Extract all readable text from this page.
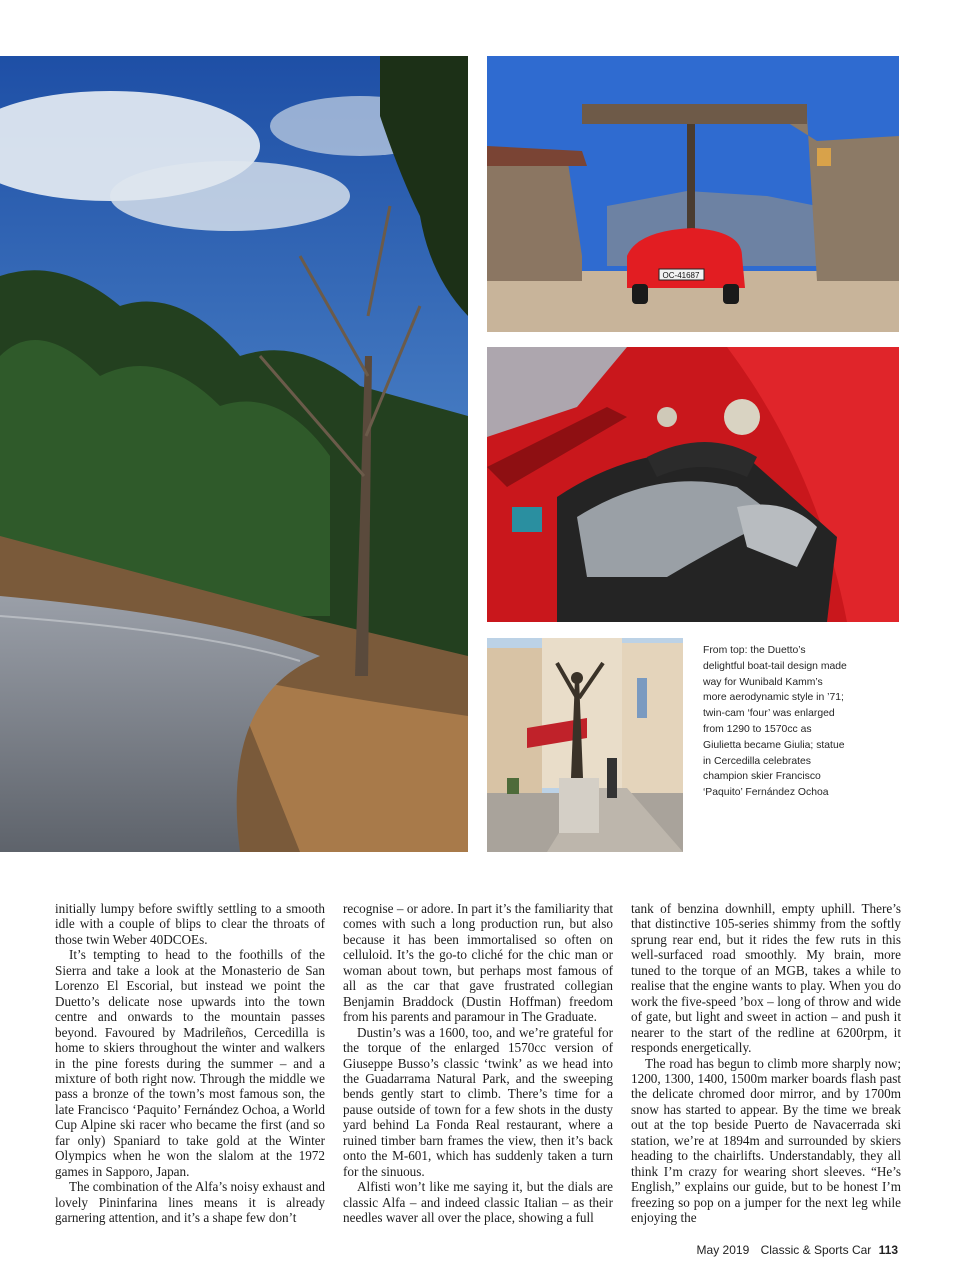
OC-41687

From top: the Duetto’s delightful boat-tail design made way for Wunibald Kamm’s more aerodynamic style in ’71; twin-cam ‘four’ was enlarged from 1290 to 1570cc as Giulietta became Giulia; statue in Cercedilla celebrates champion skier Francisco ‘Paquito’ Fernández Ochoa

initially lumpy before swiftly settling to a smooth idle with a couple of blips to clear the throats of those twin Weber 40DCOEs.

It’s tempting to head to the foothills of the Sierra and take a look at the Monasterio de San Lorenzo El Escorial, but instead we point the Duetto’s delicate nose upwards into the town centre and onwards to the mountain passes beyond. Favoured by Madrileños, Cercedilla is home to skiers throughout the winter and walkers in the pine forests during the summer – and a mixture of both right now. Through the middle we pass a bronze of the town’s most famous son, the late Francisco ‘Paquito’ Fernández Ochoa, a World Cup Alpine ski racer who became the first (and so far only) Spaniard to take gold at the Winter Olympics when he won the slalom at the 1972 games in Sapporo, Japan.

The combination of the Alfa’s noisy exhaust and lovely Pininfarina lines means it is already garnering attention, and it’s a shape few don’t

recognise – or adore. In part it’s the familiarity that comes with such a long production run, but also because it has been immortalised so often on celluloid. It’s the go-to cliché for the chic man or woman about town, but perhaps most famous of all as the car that gave frustrated collegian Benjamin Braddock (Dustin Hoffman) freedom from his parents and paramour in The Graduate.

Dustin’s was a 1600, too, and we’re grateful for the torque of the enlarged 1570cc version of Giuseppe Busso’s classic ‘twink’ as we head into the Guadarrama Natural Park, and the sweeping bends gently start to climb. There’s time for a pause outside of town for a few shots in the dusty yard behind La Fonda Real restaurant, where a ruined timber barn frames the view, then it’s back onto the M-601, which has suddenly taken a turn for the sinuous.

Alfisti won’t like me saying it, but the dials are classic Alfa – and indeed classic Italian – as their needles waver all over the place, showing a full

tank of benzina downhill, empty uphill. There’s that distinctive 105-series shimmy from the softly sprung rear end, but it rides the few ruts in this well-surfaced road smoothly. My brain, more tuned to the torque of an MGB, takes a while to realise that the engine wants to play. When you do work the five-speed ’box – long of throw and wide of gate, but light and sweet in action – and push it nearer to the start of the redline at 6200rpm, it responds energetically.

The road has begun to climb more sharply now; 1200, 1300, 1400, 1500m marker boards flash past the delicate chromed door mirror, and by 1700m snow has started to appear. By the time we break out at the top beside Puerto de Navacerrada ski station, we’re at 1894m and surrounded by skiers heading to the chairlifts. Understandably, they all think I’m crazy for wearing short sleeves. “He’s English,” explains our guide, but to be honest I’m freezing so pop on a jumper for the next leg while enjoying the

May 2019 Classic & Sports Car 113
